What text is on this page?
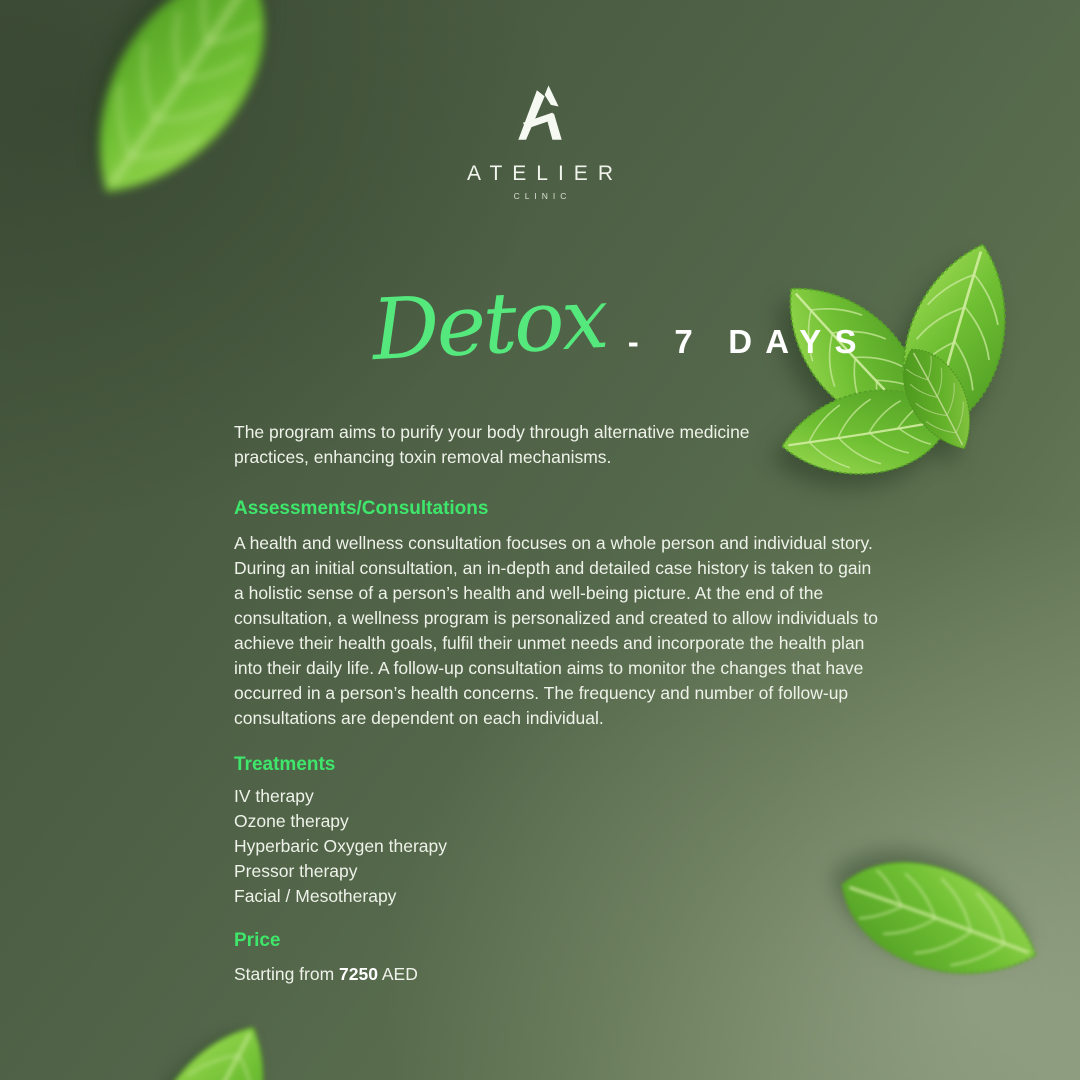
ATELIER
CLINIC
Detox - 7 DAYS

The program aims to purify your body through alternative medicine practices, enhancing toxin removal mechanisms.

Assessments/Consultations

A health and wellness consultation focuses on a whole person and individual story. During an initial consultation, an in-depth and detailed case history is taken to gain a holistic sense of a person’s health and well-being picture. At the end of the consultation, a wellness program is personalized and created to allow individuals to achieve their health goals, fulfil their unmet needs and incorporate the health plan into their daily life. A follow-up consultation aims to monitor the changes that have occurred in a person’s health concerns. The frequency and number of follow-up consultations are dependent on each individual.

Treatments
IV therapy
Ozone therapy
Hyperbaric Oxygen therapy
Pressor therapy
Facial / Mesotherapy
Price

Starting from 7250 AED
